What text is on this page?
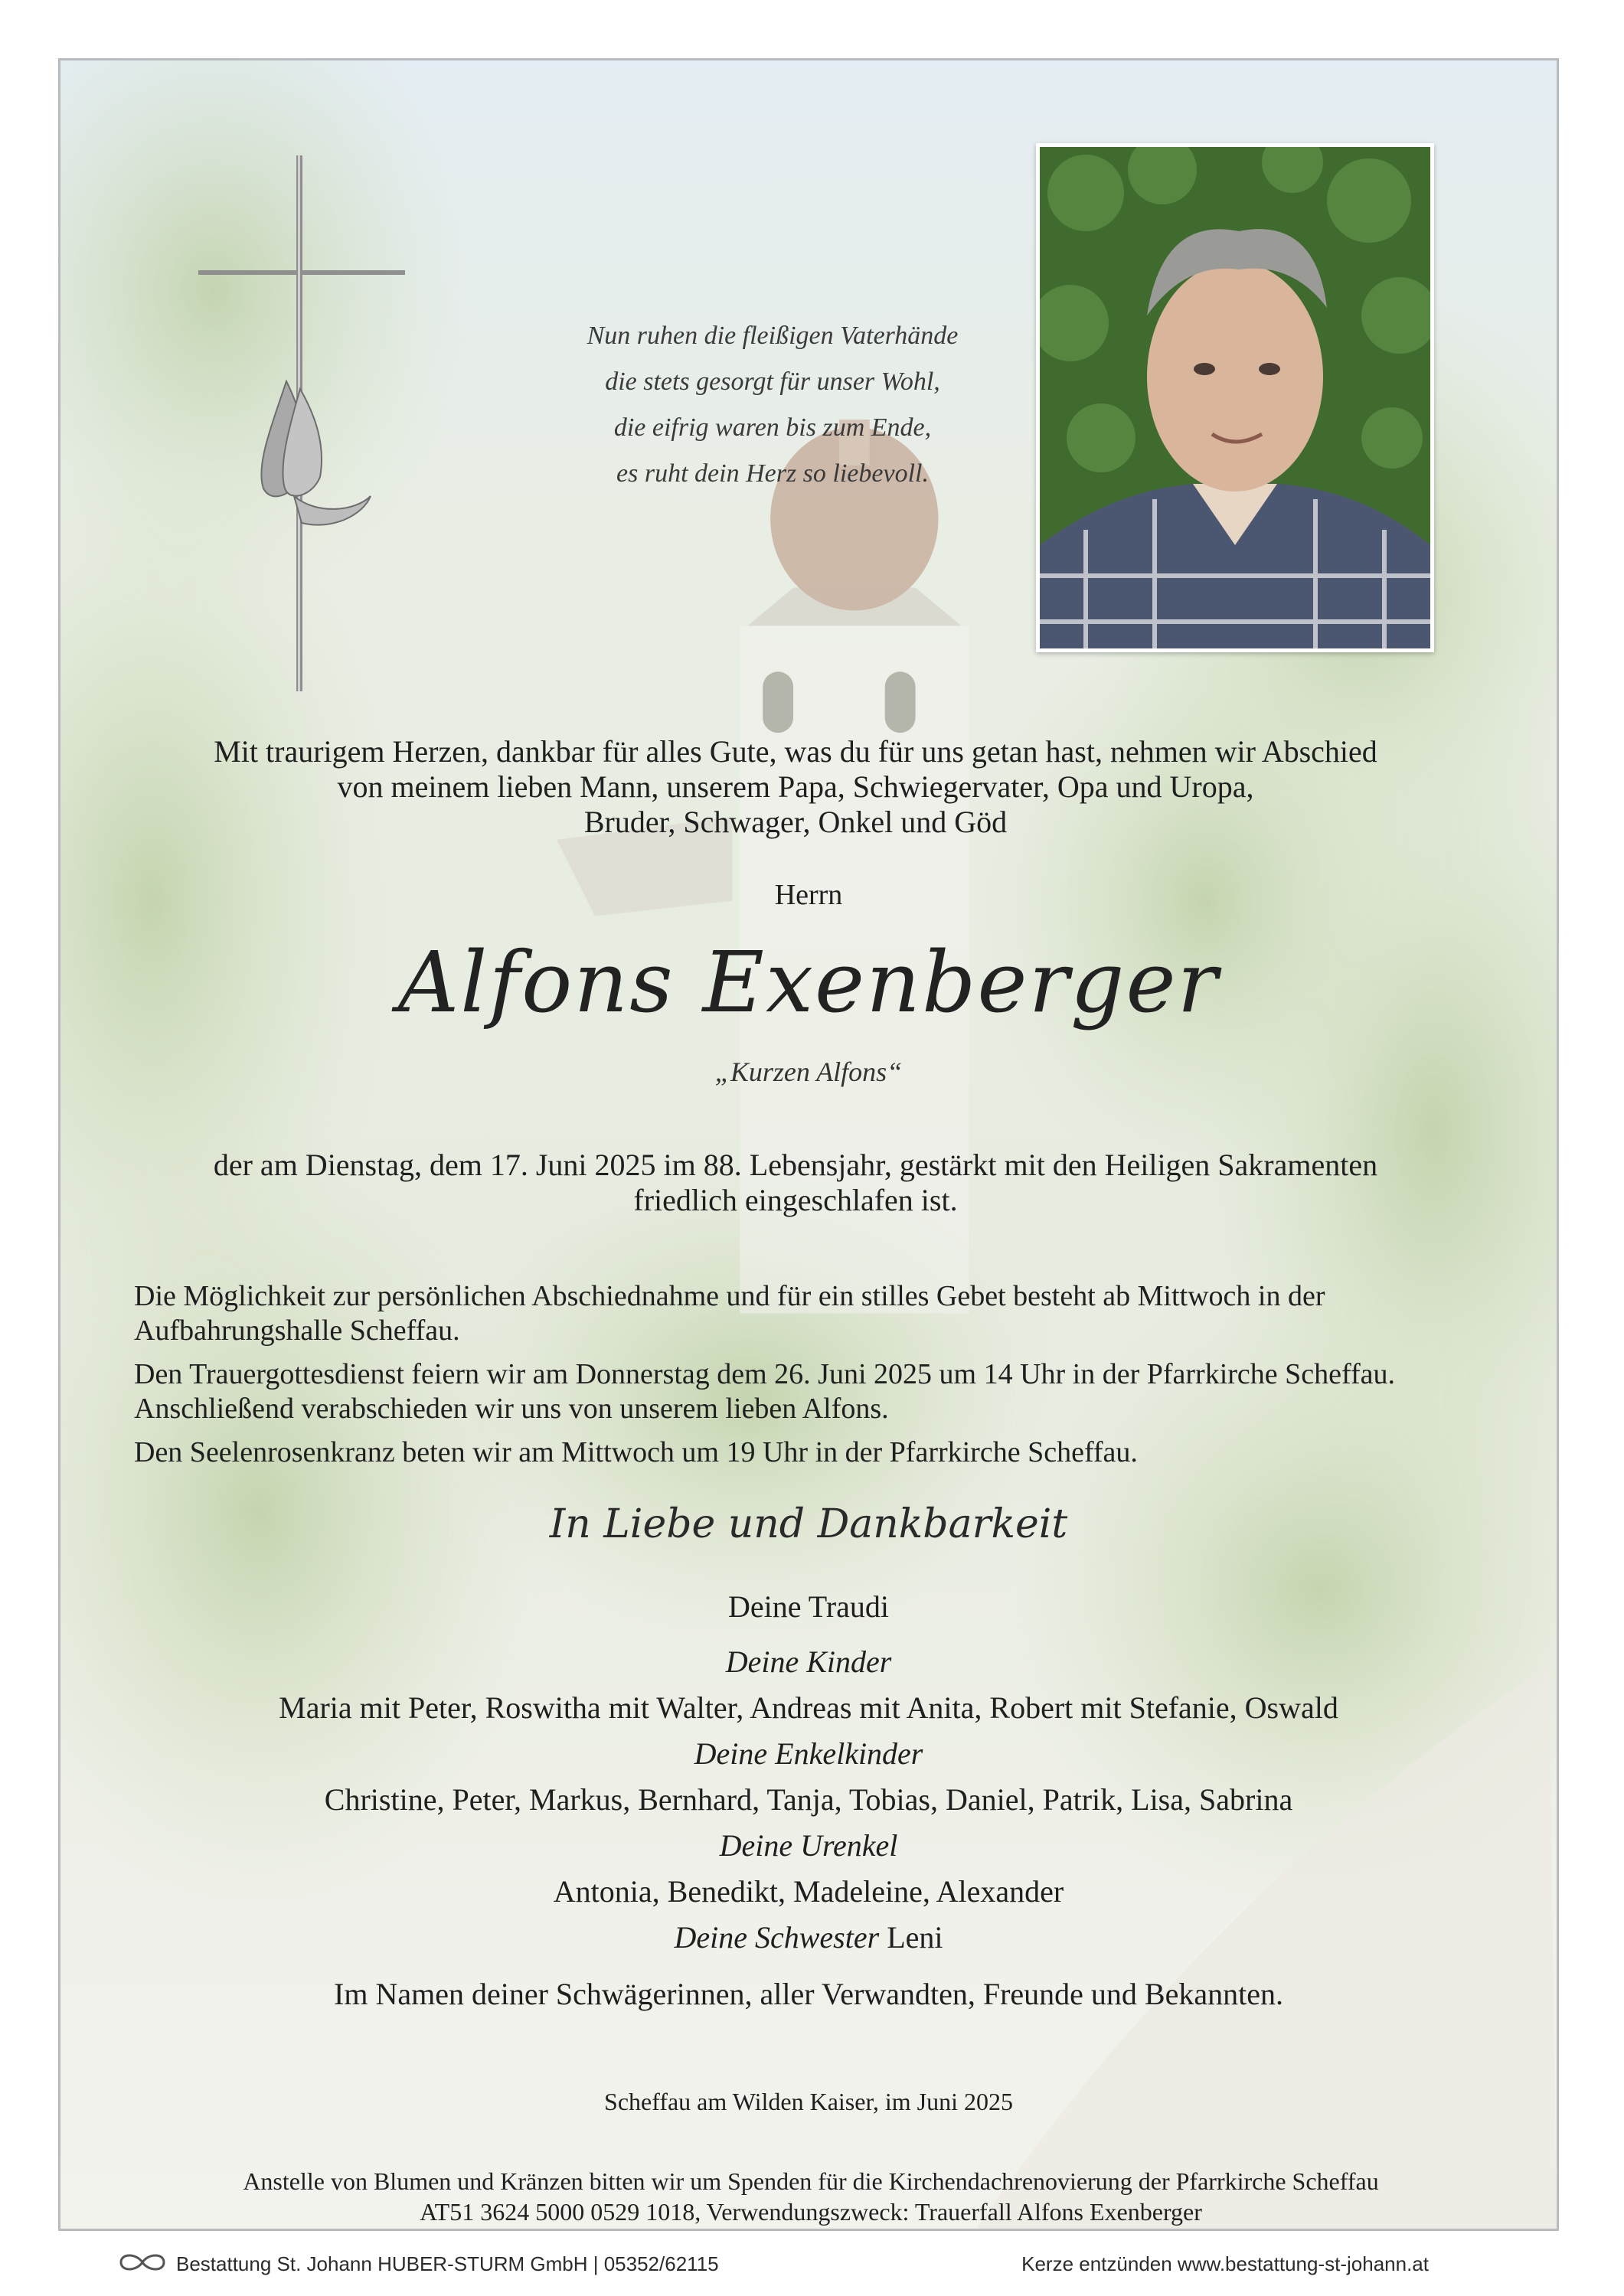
Nun ruhen die fleißigen Vaterhände
die stets gesorgt für unser Wohl,
die eifrig waren bis zum Ende,
es ruht dein Herz so liebevoll.
Mit traurigem Herzen, dankbar für alles Gute, was du für uns getan hast, nehmen wir Abschied
von meinem lieben Mann, unserem Papa, Schwiegervater, Opa und Uropa,
Bruder, Schwager, Onkel und Göd
Herrn
Alfons Exenberger
„Kurzen Alfons“
der am Dienstag, dem 17. Juni 2025 im 88. Lebensjahr, gestärkt mit den Heiligen Sakramenten
friedlich eingeschlafen ist.

Die Möglichkeit zur persönlichen Abschiednahme und für ein stilles Gebet besteht ab Mittwoch in der Aufbahrungshalle Scheffau.

Den Trauergottesdienst feiern wir am Donnerstag dem 26. Juni 2025 um 14 Uhr in der Pfarrkirche Scheffau. Anschließend verabschieden wir uns von unserem lieben Alfons.

Den Seelenrosenkranz beten wir am Mittwoch um 19 Uhr in der Pfarrkirche Scheffau.

In Liebe und Dankbarkeit
Deine Traudi
Deine Kinder
Maria mit Peter, Roswitha mit Walter, Andreas mit Anita, Robert mit Stefanie, Oswald
Deine Enkelkinder
Christine, Peter, Markus, Bernhard, Tanja, Tobias, Daniel, Patrik, Lisa, Sabrina
Deine Urenkel
Antonia, Benedikt, Madeleine, Alexander
Deine Schwester Leni
Im Namen deiner Schwägerinnen, aller Verwandten, Freunde und Bekannten.
Scheffau am Wilden Kaiser, im Juni 2025
Anstelle von Blumen und Kränzen bitten wir um Spenden für die Kirchendachrenovierung der Pfarrkirche Scheffau
AT51 3624 5000 0529 1018, Verwendungszweck: Trauerfall Alfons Exenberger
Bestattung St. Johann HUBER-STURM GmbH | 05352/62115	Kerze entzünden www.bestattung-st-johann.at
